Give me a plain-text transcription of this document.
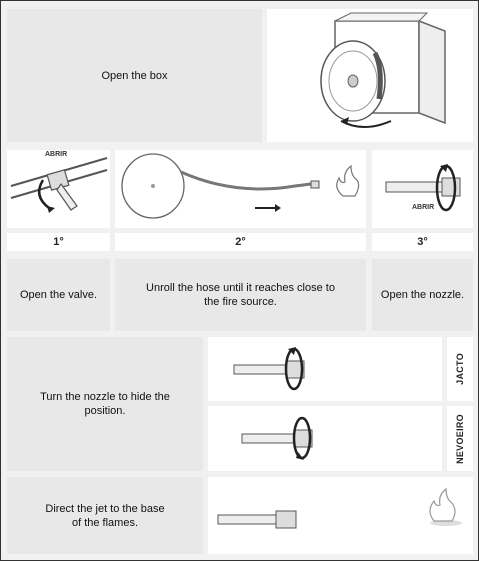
Open the box
ABRIR
ABRIR
1°	2°	3°
Open the valve.
Unroll the hose until it reaches close to the fire source.
Open the nozzle.
Turn the nozzle to hide the position.
JACTO
NEVOEIRO
Direct the jet to the base of the flames.
